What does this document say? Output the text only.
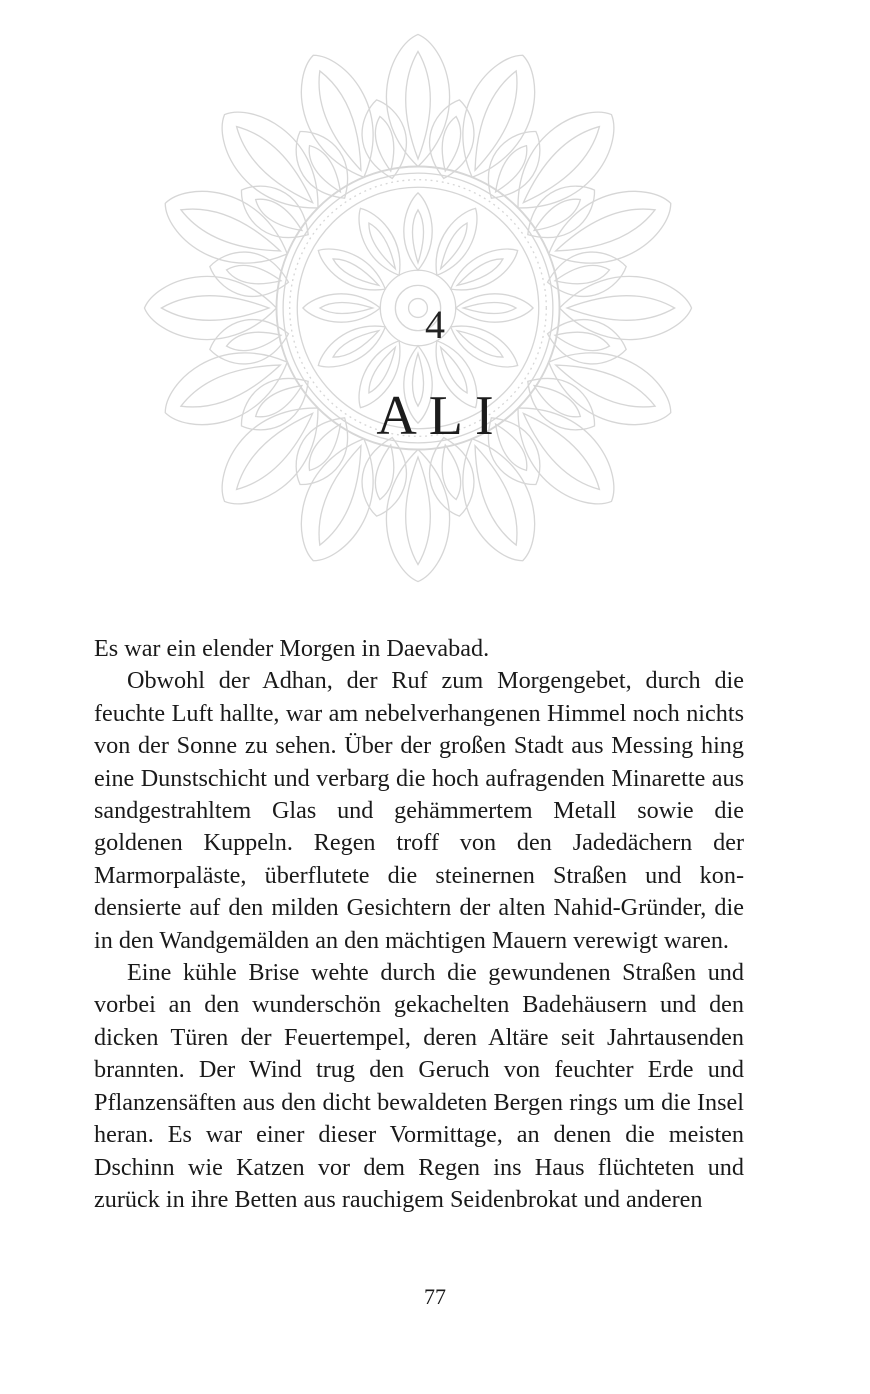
4
ALI

Es war ein elender Morgen in Daevabad.

Obwohl der Adhan, der Ruf zum Morgengebet, durch die feuchte Luft hallte, war am nebelverhangenen Himmel noch nichts von der Sonne zu sehen. Über der großen Stadt aus Messing hing eine Dunstschicht und verbarg die hoch aufragenden Minarette aus sandgestrahltem Glas und gehämmertem Metall sowie die goldenen Kuppeln. Regen troff von den Jadedächern der Marmorpaläste, überflutete die steinernen Straßen und kondensierte auf den milden Gesichtern der alten Nahid-Gründer, die in den Wandgemälden an den mächtigen Mauern verewigt waren.

Eine kühle Brise wehte durch die gewundenen Straßen und vorbei an den wunderschön gekachelten Badehäusern und den dicken Türen der Feuertempel, deren Altäre seit Jahrtausenden brannten. Der Wind trug den Geruch von feuchter Erde und Pflanzensäften aus den dicht bewaldeten Bergen rings um die Insel heran. Es war einer dieser Vormittage, an denen die meisten Dschinn wie Katzen vor dem Regen ins Haus flüchteten und zurück in ihre Betten aus rauchigem Seidenbrokat und anderen

77
